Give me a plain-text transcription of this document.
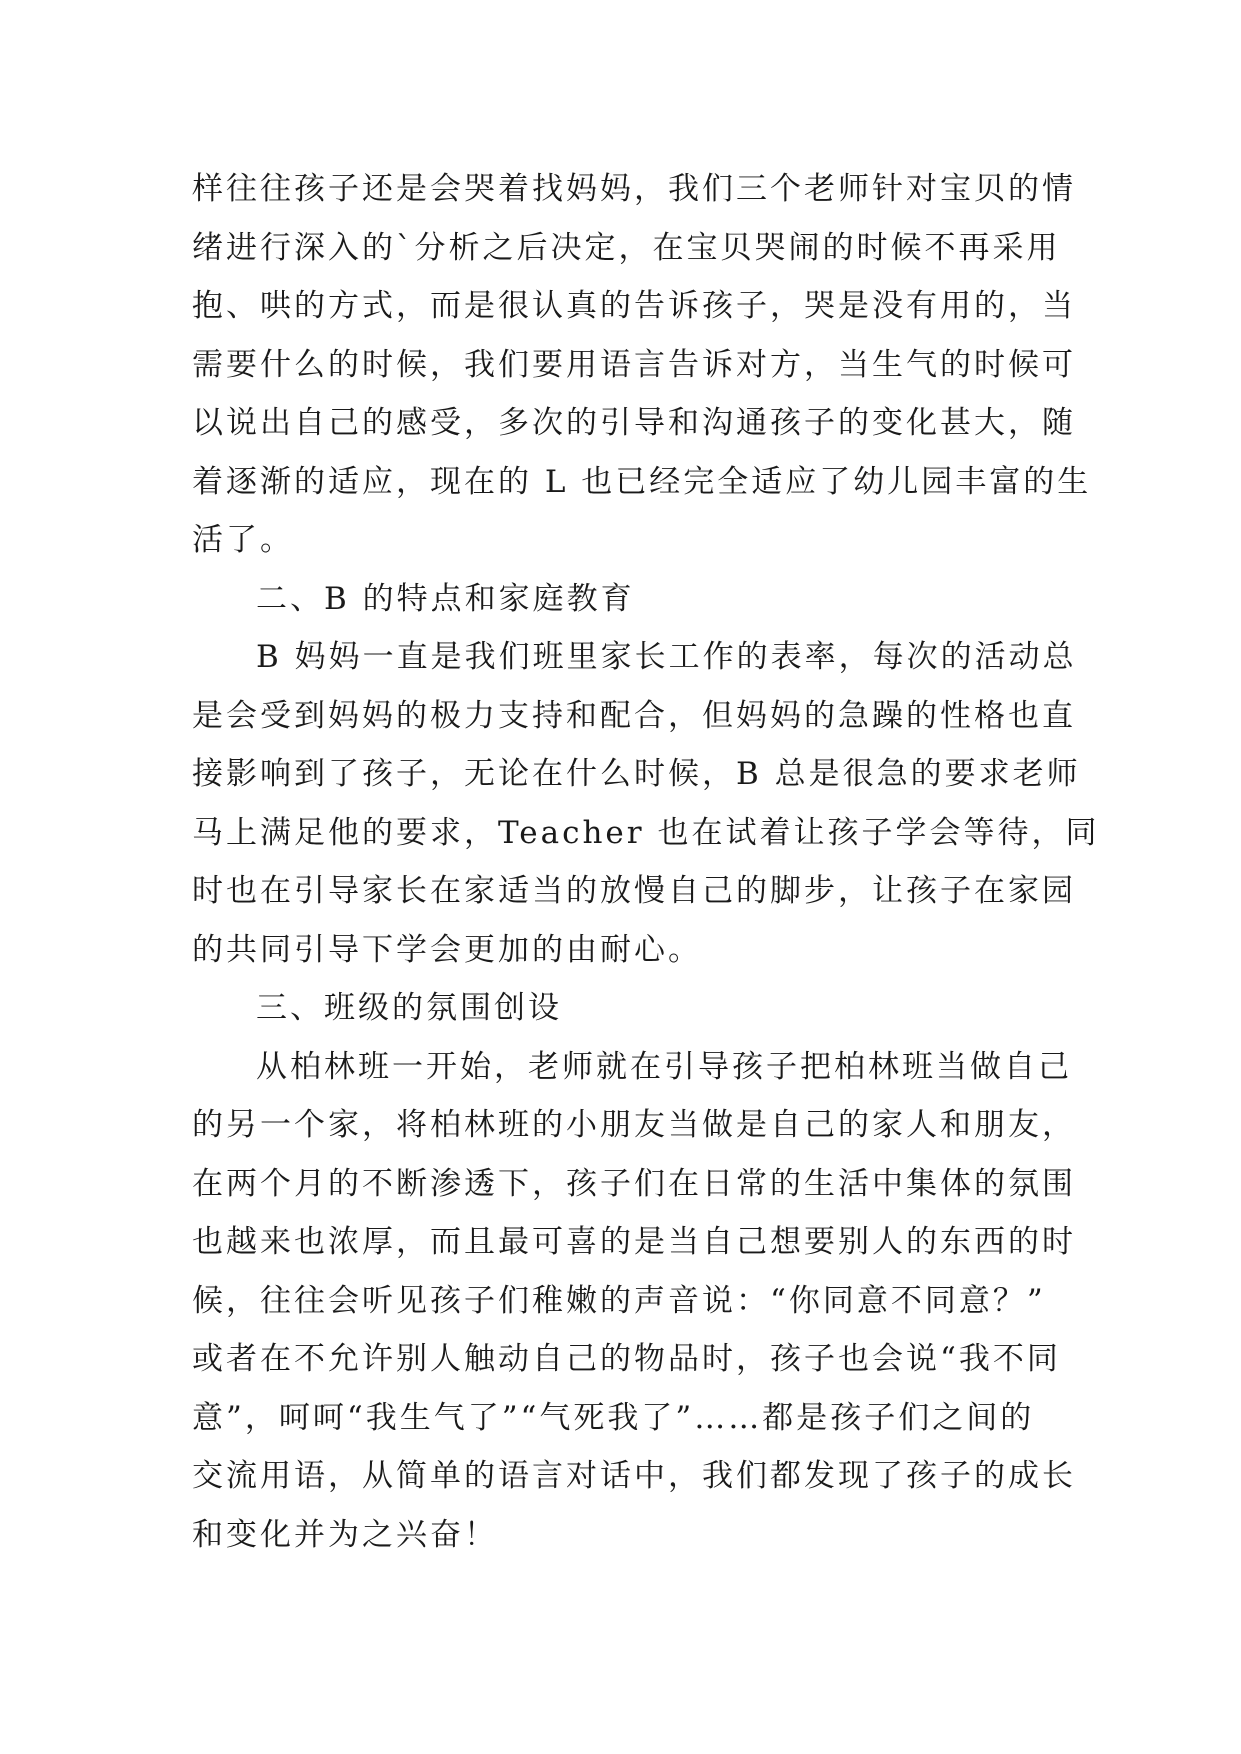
样往往孩子还是会哭着找妈妈，我们三个老师针对宝贝的情
绪进行深入的`分析之后决定，在宝贝哭闹的时候不再采用
抱、哄的方式，而是很认真的告诉孩子，哭是没有用的，当
需要什么的时候，我们要用语言告诉对方，当生气的时候可
以说出自己的感受，多次的引导和沟通孩子的变化甚大，随
着逐渐的适应，现在的 L 也已经完全适应了幼儿园丰富的生
活了。
二、B 的特点和家庭教育
B 妈妈一直是我们班里家长工作的表率，每次的活动总
是会受到妈妈的极力支持和配合，但妈妈的急躁的性格也直
接影响到了孩子，无论在什么时候，B 总是很急的要求老师
马上满足他的要求，Teacher 也在试着让孩子学会等待，同
时也在引导家长在家适当的放慢自己的脚步，让孩子在家园
的共同引导下学会更加的由耐心。
三、班级的氛围创设
从柏林班一开始，老师就在引导孩子把柏林班当做自己
的另一个家，将柏林班的小朋友当做是自己的家人和朋友，
在两个月的不断渗透下，孩子们在日常的生活中集体的氛围
也越来也浓厚，而且最可喜的是当自己想要别人的东西的时
候，往往会听见孩子们稚嫩的声音说：“你同意不同意？”
或者在不允许别人触动自己的物品时，孩子也会说“我不同
意”，呵呵“我生气了”“气死我了”……都是孩子们之间的
交流用语，从简单的语言对话中，我们都发现了孩子的成长
和变化并为之兴奋！
